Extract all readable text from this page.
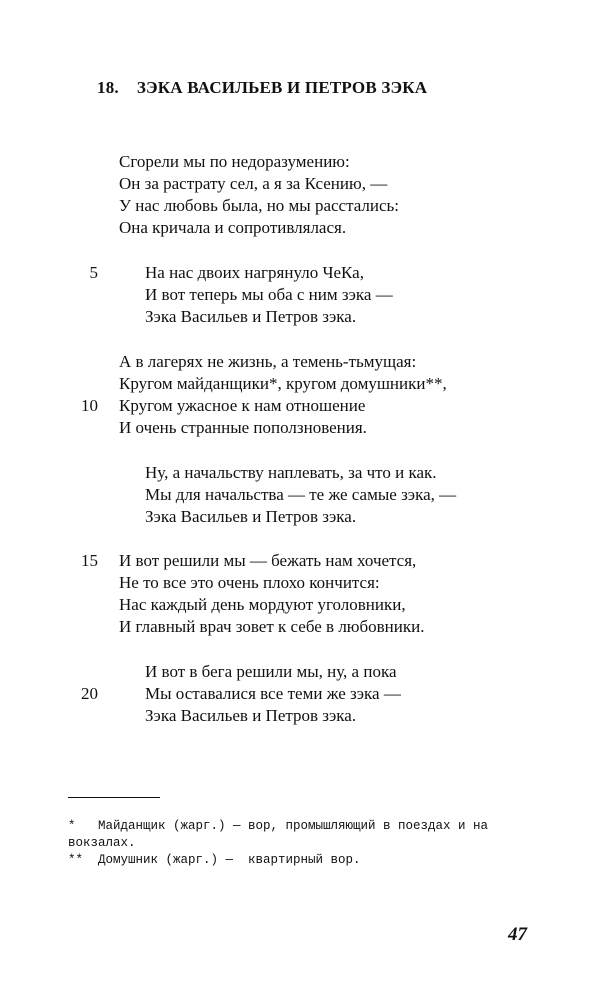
18. ЗЭКА ВАСИЛЬЕВ И ПЕТРОВ ЗЭКА
Сгорели мы по недоразумению:
Он за растрату сел, а я за Ксению, —
У нас любовь была, но мы расстались:
Она кричала и сопротивлялася.
5	На нас двоих нагрянуло ЧеКа,
И вот теперь мы оба с ним зэка —
Зэка Васильев и Петров зэка.
А в лагерях не жизнь, а темень-тьмущая:
Кругом майданщики*, кругом домушники**,
10 Кругом ужасное к нам отношение
И очень странные поползновения.
Ну, а начальству наплевать, за что и как.
Мы для начальства — те же самые зэка, —
Зэка Васильев и Петров зэка.
15 И вот решили мы — бежать нам хочется,
Не то все это очень плохо кончится:
Нас каждый день мордуют уголовники,
И главный врач зовет к себе в любовники.
И вот в бега решили мы, ну, а пока
20	Мы оставалися все теми же зэка —
Зэка Васильев и Петров зэка.
* Майданщик (жарг.) — вор, промышляющий в поездах и на
вокзалах.
** Домушник (жарг.) —  квартирный вор.
47
